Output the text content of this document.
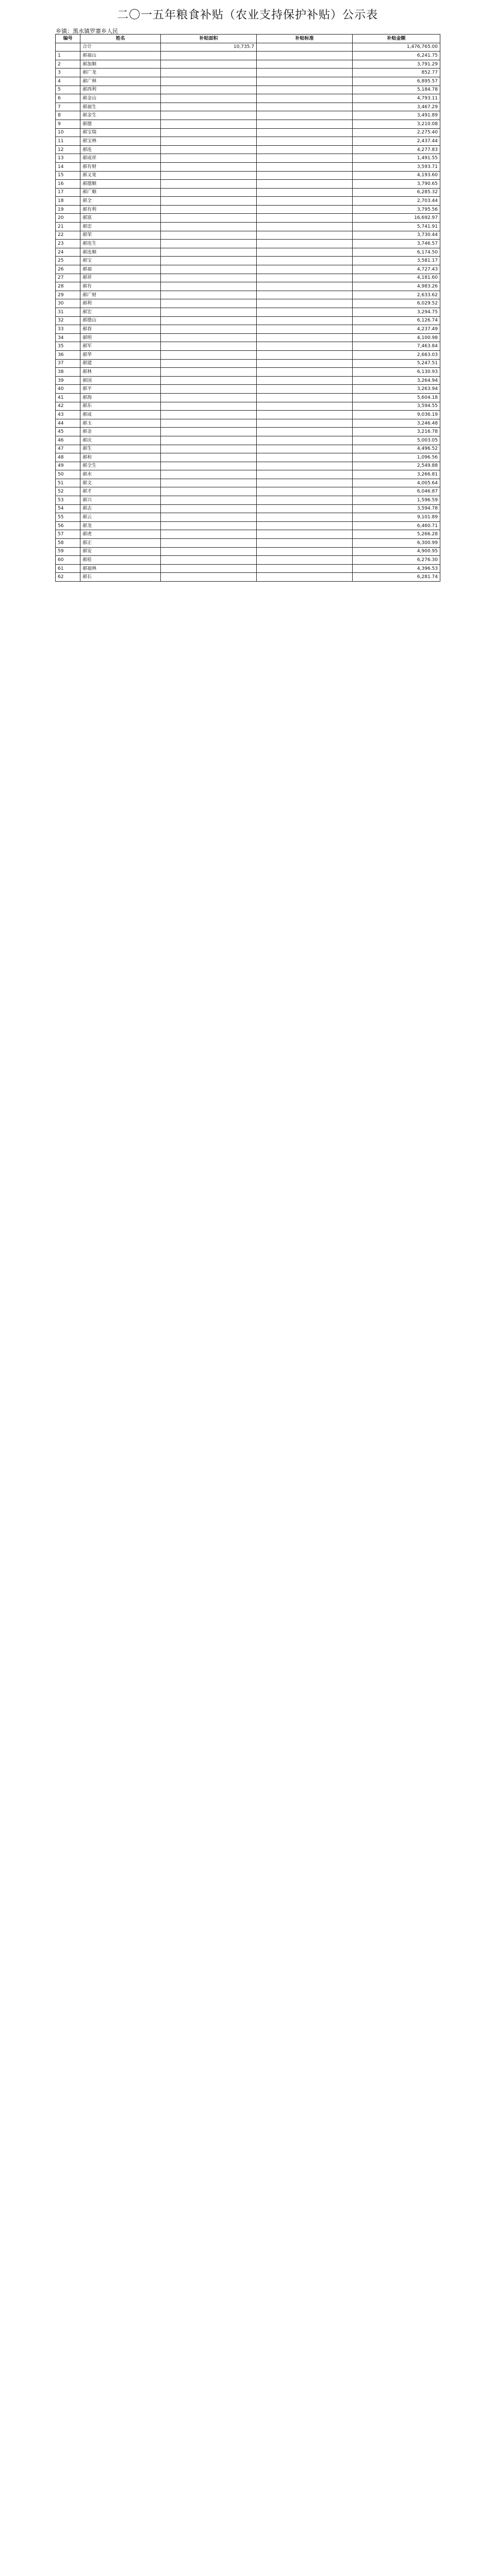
二〇一五年粮食补贴（农业支持保护补贴）公示表
乡镇：黑水镇罗寨乡人民
编号	姓名	补贴面积	补贴标准	补贴金额
	合计	10,735.7		1,476,765.00
1	郝福山			6,241.75
2	郝加顺			3,791.29
3	郝广龙			852.77
4	郝广林			6,895.57
5	郝西利			5,184.78
6	郝金山			4,793.11
7	郝福生			3,467.29
8	郝金生			3,491.89
9	郝德			3,210.08
10	郝宝瑞			2,275.40
11	郝宝林			2,437.44
12	郝连			4,277.83
13	郝成祥			1,491.55
14	郝有财			3,593.71
15	郝义宽			4,193.60
16	郝德顺			3,790.65
17	郝广顺			6,285.32
18	郝全			2,703.44
19	郝有利			3,795.56
20	郝富			16,692.97
21	郝忠			5,741.91
22	郝荣			3,730.44
23	郝连生			3,746.57
24	郝连顺			6,174.50
25	郝宝			3,581.17
26	郝福			4,727.43
27	郝祥			4,181.60
28	郝有			4,983.26
29	郝广财			2,633.62
30	郝利			6,029.52
31	郝宏			3,294.75
32	郝德山			6,126.74
33	郝春			4,237.49
34	郝明			4,100.98
35	郝军			7,463.84
36	郝华			2,663.03
37	郝建			5,247.51
38	郝林			6,130.93
39	郝国			3,264.94
40	郝平			3,263.94
41	郝海			5,604.18
42	郝东			3,594.55
43	郝成			9,036.19
44	郝玉			3,246.48
45	郝金			3,216.78
46	郝庆			5,003.05
47	郝生			4,496.52
48	郝和			1,096.56
49	郝全生			2,549.88
50	郝水			3,266.81
51	郝文			4,005.64
52	郝才			6,046.87
53	郝兴			1,596.59
54	郝志			3,594.78
55	郝云			9,101.89
56	郝龙			6,460.71
57	郝虎			5,266.28
58	郝正			6,300.99
59	郝安			4,900.95
60	郝桂			6,276.30
61	郝福林			4,396.53
62	郝长			6,281.74
